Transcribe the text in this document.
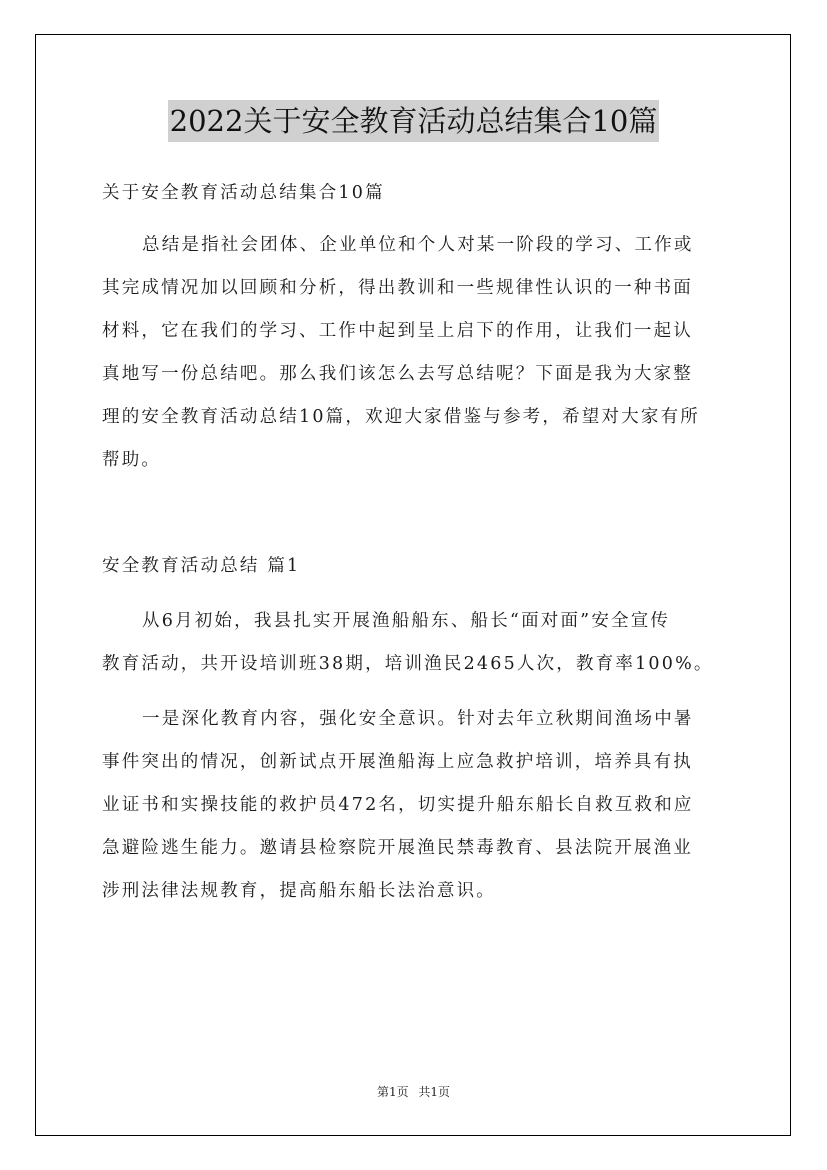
2022关于安全教育活动总结集合10篇
关于安全教育活动总结集合10篇
总结是指社会团体、企业单位和个人对某一阶段的学习、工作或
其完成情况加以回顾和分析，得出教训和一些规律性认识的一种书面
材料，它在我们的学习、工作中起到呈上启下的作用，让我们一起认
真地写一份总结吧。那么我们该怎么去写总结呢？下面是我为大家整
理的安全教育活动总结10篇，欢迎大家借鉴与参考，希望对大家有所
帮助。
安全教育活动总结 篇1
从6月初始，我县扎实开展渔船船东、船长“面对面”安全宣传
教育活动，共开设培训班38期，培训渔民2465人次，教育率100%。
一是深化教育内容，强化安全意识。针对去年立秋期间渔场中暑
事件突出的情况，创新试点开展渔船海上应急救护培训，培养具有执
业证书和实操技能的救护员472名，切实提升船东船长自救互救和应
急避险逃生能力。邀请县检察院开展渔民禁毒教育、县法院开展渔业
涉刑法律法规教育，提高船东船长法治意识。
第1页 共1页
